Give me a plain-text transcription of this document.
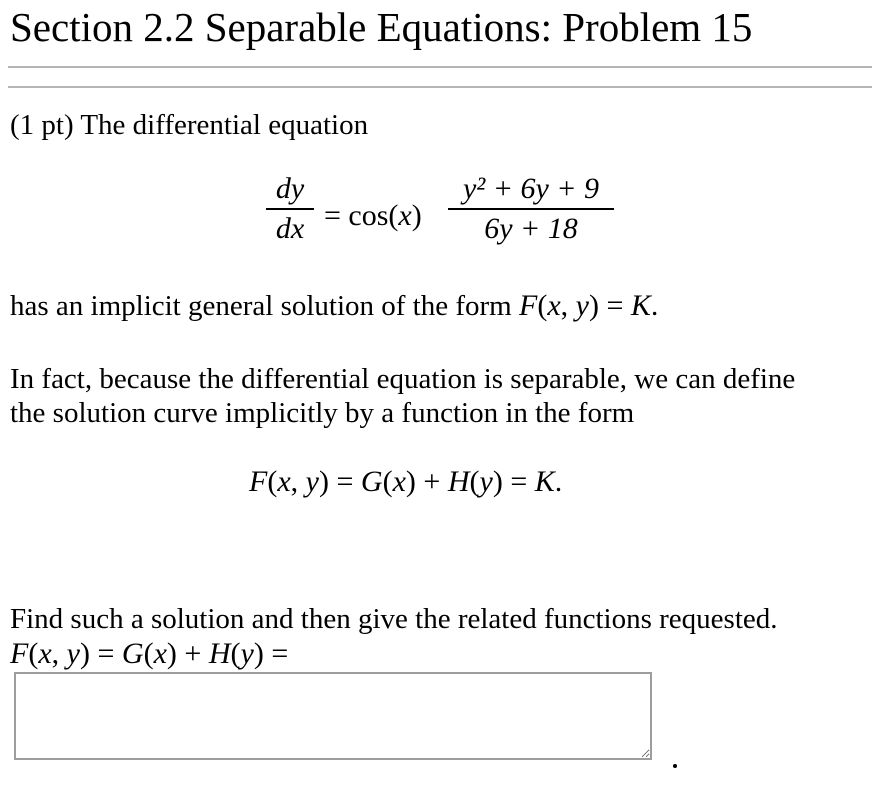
Section 2.2 Separable Equations: Problem 15
(1 pt) The differential equation
dy
dx = cos(x)
y² + 6y + 9
6y + 18
has an implicit general solution of the form F(x, y) = K.
In fact, because the differential equation is separable, we can define
the solution curve implicitly by a function in the form
F(x, y) = G(x) + H(y) = K.
Find such a solution and then give the related functions requested.
F(x, y) = G(x) + H(y) =
